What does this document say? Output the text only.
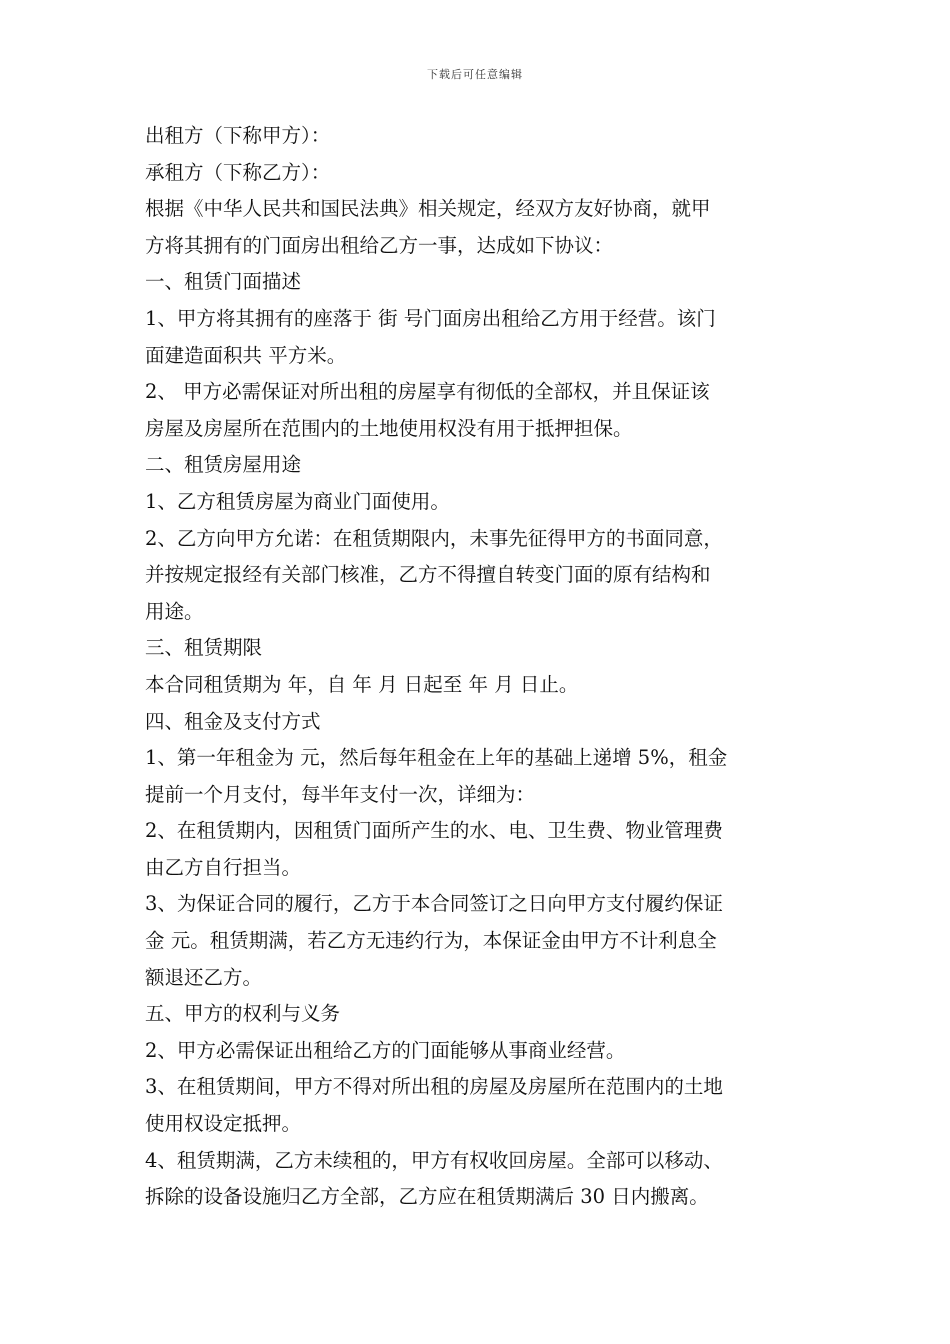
下载后可任意编辑
出租方（下称甲方）：
承租方（下称乙方）：
根据《中华人民共和国民法典》相关规定，经双方友好协商，就甲
方将其拥有的门面房出租给乙方一事，达成如下协议：
一、租赁门面描述
1、甲方将其拥有的座落于 街 号门面房出租给乙方用于经营。该门
面建造面积共 平方米。
2、 甲方必需保证对所出租的房屋享有彻低的全部权，并且保证该
房屋及房屋所在范围内的土地使用权没有用于抵押担保。
二、租赁房屋用途
1、乙方租赁房屋为商业门面使用。
2、乙方向甲方允诺：在租赁期限内，未事先征得甲方的书面同意，
并按规定报经有关部门核准，乙方不得擅自转变门面的原有结构和
用途。
三、租赁期限
本合同租赁期为 年，自 年 月 日起至 年 月 日止。
四、租金及支付方式
1、第一年租金为 元，然后每年租金在上年的基础上递增 5%，租金
提前一个月支付，每半年支付一次，详细为：
2、在租赁期内，因租赁门面所产生的水、电、卫生费、物业管理费
由乙方自行担当。
3、为保证合同的履行，乙方于本合同签订之日向甲方支付履约保证
金 元。租赁期满，若乙方无违约行为，本保证金由甲方不计利息全
额退还乙方。
五、甲方的权利与义务
2、甲方必需保证出租给乙方的门面能够从事商业经营。
3、在租赁期间，甲方不得对所出租的房屋及房屋所在范围内的土地
使用权设定抵押。
4、租赁期满，乙方未续租的，甲方有权收回房屋。全部可以移动、
拆除的设备设施归乙方全部，乙方应在租赁期满后 30 日内搬离。
